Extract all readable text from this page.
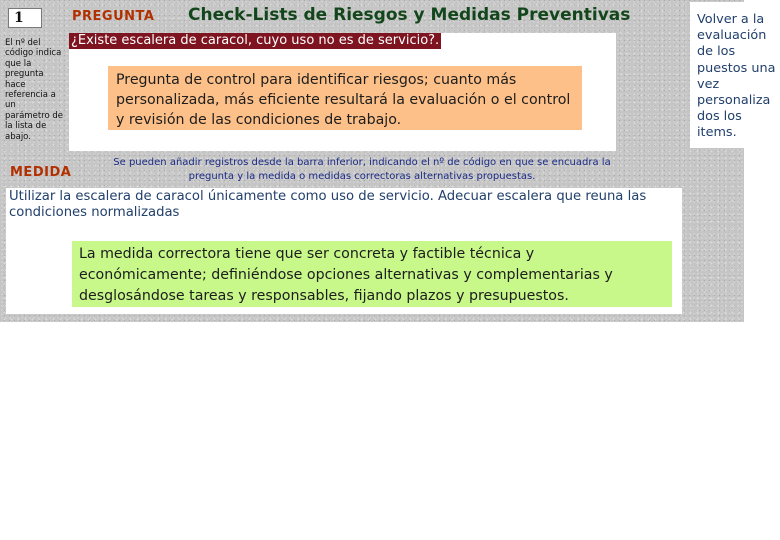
1
El nº del código indica que la pregunta hace referencia a un parámetro de la lista de abajo.
PREGUNTA Check-Lists de Riesgos y Medidas Preventivas
¿Existe escalera de caracol, cuyo uso no es de servicio?.
Pregunta de control para identificar riesgos; cuanto más personalizada, más eficiente resultará la evaluación o el control y revisión de las condiciones de trabajo.
Se pueden añadir registros desde la barra inferior, indicando el nº de código en que se encuadra la pregunta y la medida o medidas correctoras alternativas propuestas.
MEDIDA
Utilizar la escalera de caracol únicamente como uso de servicio. Adecuar escalera que reuna las condiciones normalizadas
La medida correctora tiene que ser concreta y factible técnica y económicamente; definiéndose opciones alternativas y complementarias y desglosándose tareas y responsables, fijando plazos y presupuestos.
Volver a la evaluación de los puestos una vez personalizados los items.
